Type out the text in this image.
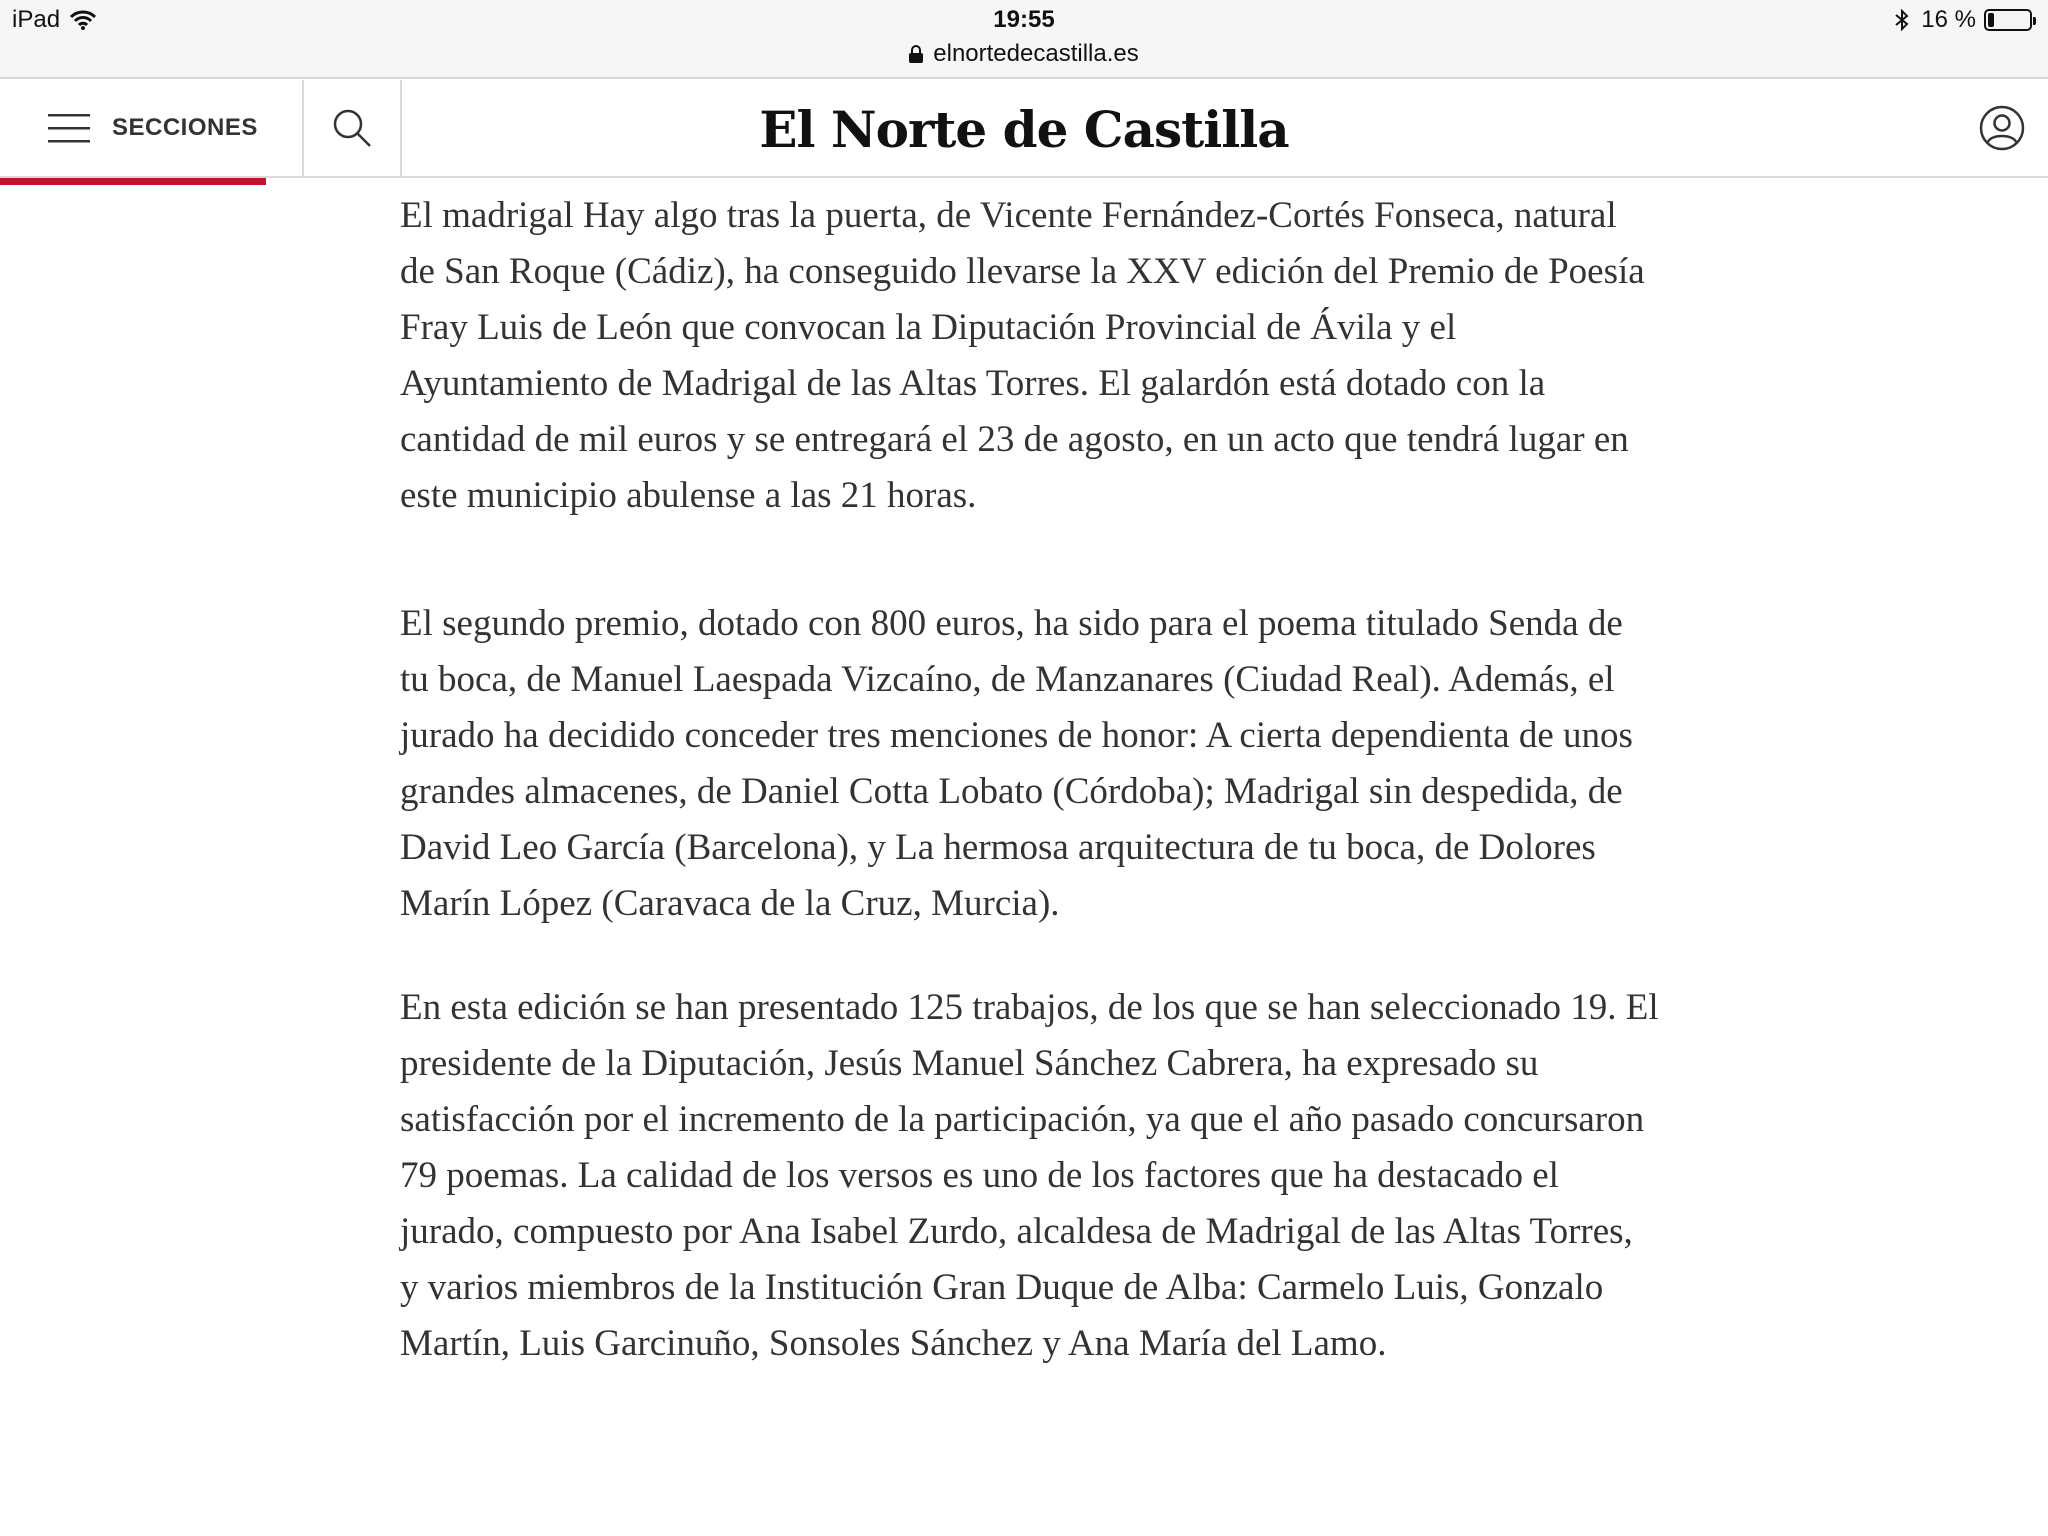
iPad	19:55
elnortedecastilla.es
16 %
SECCIONES	El Norte de Castilla

El madrigal Hay algo tras la puerta, de Vicente Fernández-Cortés Fonseca, natural de San Roque (Cádiz), ha conseguido llevarse la XXV edición del Premio de Poesía Fray Luis de León que convocan la Diputación Provincial de Ávila y el Ayuntamiento de Madrigal de las Altas Torres. El galardón está dotado con la cantidad de mil euros y se entregará el 23 de agosto, en un acto que tendrá lugar en este municipio abulense a las 21 horas.

El segundo premio, dotado con 800 euros, ha sido para el poema titulado Senda de tu boca, de Manuel Laespada Vizcaíno, de Manzanares (Ciudad Real). Además, el jurado ha decidido conceder tres menciones de honor: A cierta dependienta de unos grandes almacenes, de Daniel Cotta Lobato (Córdoba); Madrigal sin despedida, de David Leo García (Barcelona), y La hermosa arquitectura de tu boca, de Dolores Marín López (Caravaca de la Cruz, Murcia).

En esta edición se han presentado 125 trabajos, de los que se han seleccionado 19. El presidente de la Diputación, Jesús Manuel Sánchez Cabrera, ha expresado su satisfacción por el incremento de la participación, ya que el año pasado concursaron 79 poemas. La calidad de los versos es uno de los factores que ha destacado el jurado, compuesto por Ana Isabel Zurdo, alcaldesa de Madrigal de las Altas Torres, y varios miembros de la Institución Gran Duque de Alba: Carmelo Luis, Gonzalo Martín, Luis Garcinuño, Sonsoles Sánchez y Ana María del Lamo.
